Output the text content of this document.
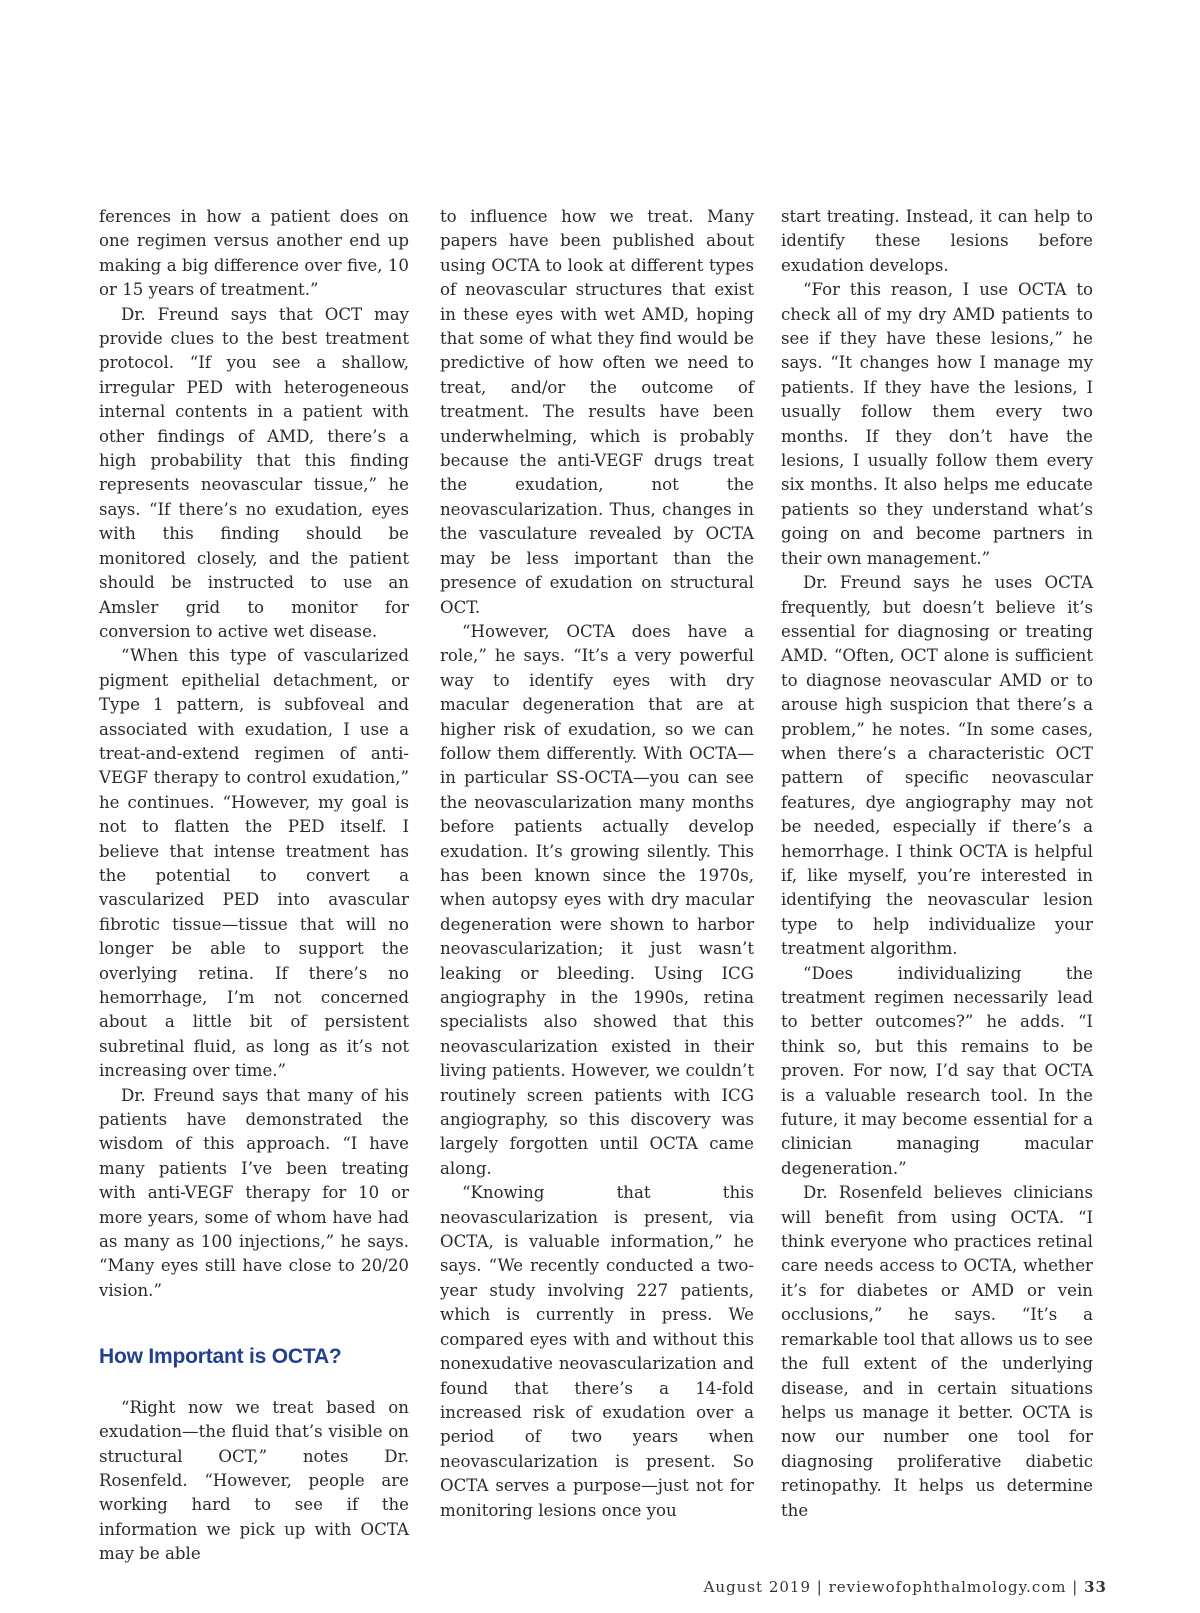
ferences in how a patient does on one regimen versus another end up making a big difference over five, 10 or 15 years of treatment.”

Dr. Freund says that OCT may provide clues to the best treatment protocol. “If you see a shallow, irregular PED with heterogeneous internal contents in a patient with other findings of AMD, there’s a high probability that this finding represents neovascular tissue,” he says. “If there’s no exudation, eyes with this finding should be monitored closely, and the patient should be instructed to use an Amsler grid to monitor for conversion to active wet disease.

“When this type of vascularized pigment epithelial detachment, or Type 1 pattern, is subfoveal and associated with exudation, I use a treat-and-extend regimen of anti-VEGF therapy to control exudation,” he continues. “However, my goal is not to flatten the PED itself. I believe that intense treatment has the potential to convert a vascularized PED into avascular fibrotic tissue—tissue that will no longer be able to support the overlying retina. If there’s no hemorrhage, I’m not concerned about a little bit of persistent subretinal fluid, as long as it’s not increasing over time.”

Dr. Freund says that many of his patients have demonstrated the wisdom of this approach. “I have many patients I’ve been treating with anti-VEGF therapy for 10 or more years, some of whom have had as many as 100 injections,” he says. “Many eyes still have close to 20/20 vision.”

How Important is OCTA?

“Right now we treat based on exudation—the fluid that’s visible on structural OCT,” notes Dr. Rosenfeld. “However, people are working hard to see if the information we pick up with OCTA may be able

to influence how we treat. Many papers have been published about using OCTA to look at different types of neovascular structures that exist in these eyes with wet AMD, hoping that some of what they find would be predictive of how often we need to treat, and/or the outcome of treatment. The results have been underwhelming, which is probably because the anti-VEGF drugs treat the exudation, not the neovascularization. Thus, changes in the vasculature revealed by OCTA may be less important than the presence of exudation on structural OCT.

“However, OCTA does have a role,” he says. “It’s a very powerful way to identify eyes with dry macular degeneration that are at higher risk of exudation, so we can follow them differently. With OCTA—in particular SS-OCTA—you can see the neovascularization many months before patients actually develop exudation. It’s growing silently. This has been known since the 1970s, when autopsy eyes with dry macular degeneration were shown to harbor neovascularization; it just wasn’t leaking or bleeding. Using ICG angiography in the 1990s, retina specialists also showed that this neovascularization existed in their living patients. However, we couldn’t routinely screen patients with ICG angiography, so this discovery was largely forgotten until OCTA came along.

“Knowing that this neovascularization is present, via OCTA, is valuable information,” he says. “We recently conducted a two-year study involving 227 patients, which is currently in press. We compared eyes with and without this nonexudative neovascularization and found that there’s a 14-fold increased risk of exudation over a period of two years when neovascularization is present. So OCTA serves a purpose—just not for monitoring lesions once you

start treating. Instead, it can help to identify these lesions before exudation develops.

“For this reason, I use OCTA to check all of my dry AMD patients to see if they have these lesions,” he says. “It changes how I manage my patients. If they have the lesions, I usually follow them every two months. If they don’t have the lesions, I usually follow them every six months. It also helps me educate patients so they understand what’s going on and become partners in their own management.”

Dr. Freund says he uses OCTA frequently, but doesn’t believe it’s essential for diagnosing or treating AMD. “Often, OCT alone is sufficient to diagnose neovascular AMD or to arouse high suspicion that there’s a problem,” he notes. “In some cases, when there’s a characteristic OCT pattern of specific neovascular features, dye angiography may not be needed, especially if there’s a hemorrhage. I think OCTA is helpful if, like myself, you’re interested in identifying the neovascular lesion type to help individualize your treatment algorithm.

“Does individualizing the treatment regimen necessarily lead to better outcomes?” he adds. “I think so, but this remains to be proven. For now, I’d say that OCTA is a valuable research tool. In the future, it may become essential for a clinician managing macular degeneration.”

Dr. Rosenfeld believes clinicians will benefit from using OCTA. “I think everyone who practices retinal care needs access to OCTA, whether it’s for diabetes or AMD or vein occlusions,” he says. “It’s a remarkable tool that allows us to see the full extent of the underlying disease, and in certain situations helps us manage it better. OCTA is now our number one tool for diagnosing proliferative diabetic retinopathy. It helps us determine the

August 2019 | reviewofophthalmology.com | 33
